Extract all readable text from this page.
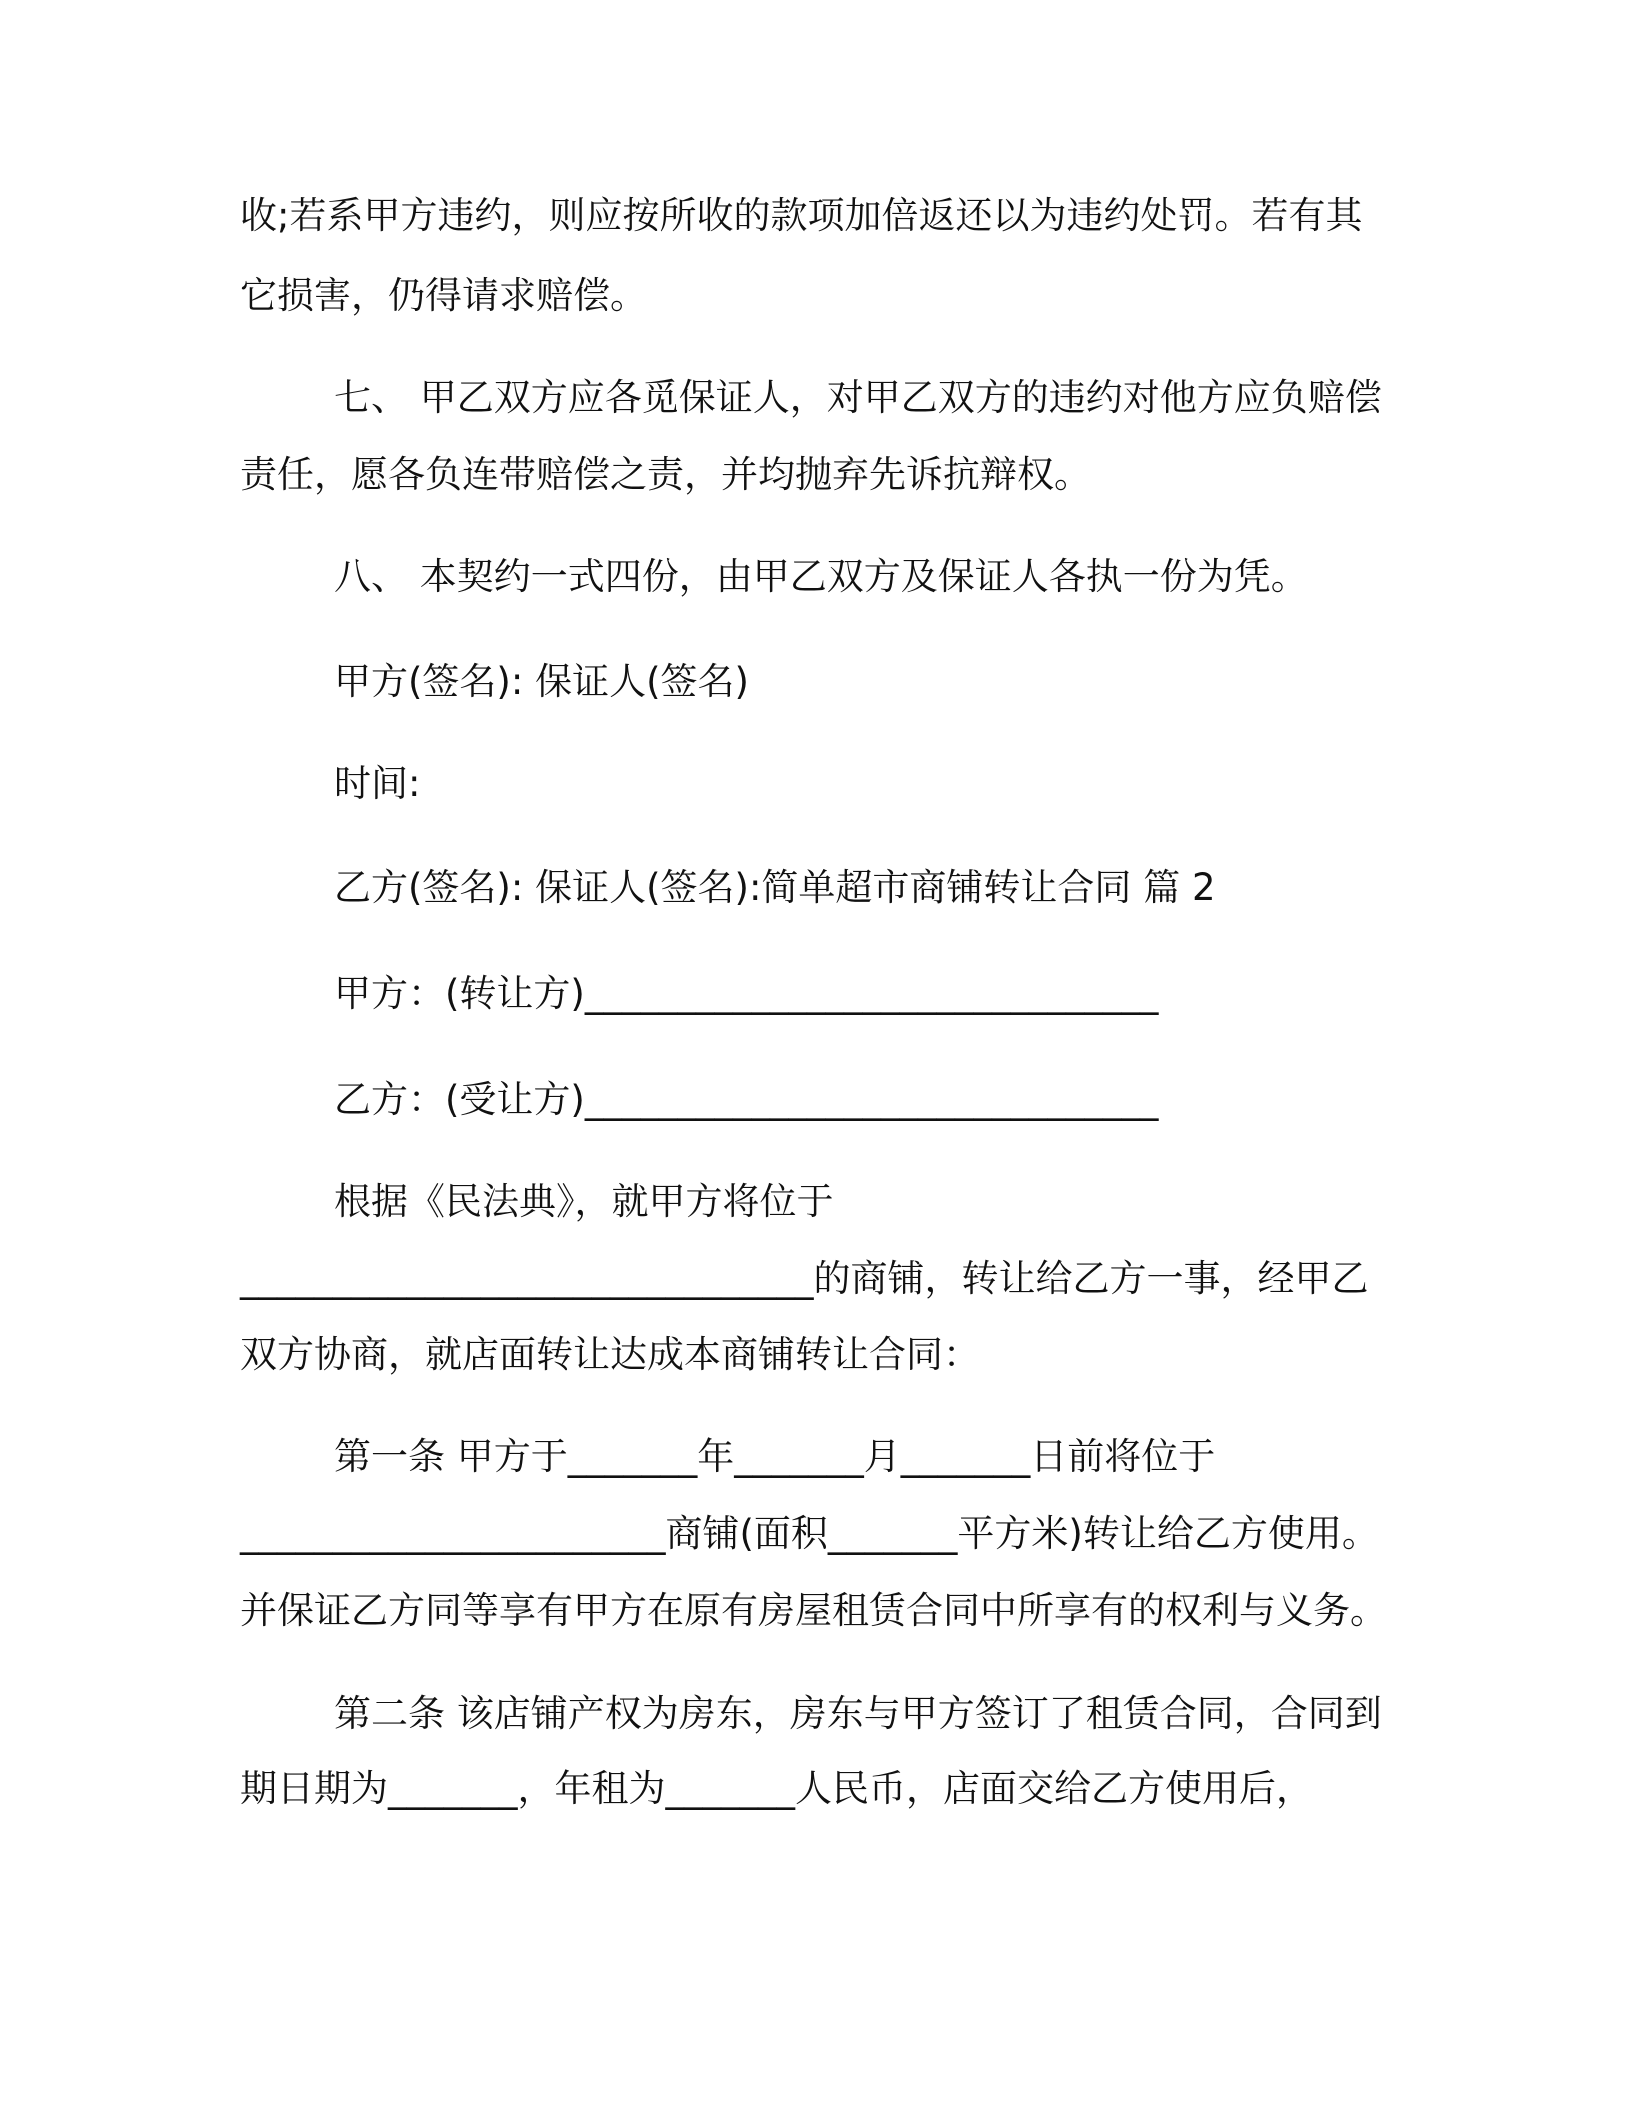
收;若系甲方违约，则应按所收的款项加倍返还以为违约处罚。若有其
它损害，仍得请求赔偿。
七、 甲乙双方应各觅保证人，对甲乙双方的违约对他方应负赔偿
责任，愿各负连带赔偿之责，并均抛弃先诉抗辩权。
八、 本契约一式四份，由甲乙双方及保证人各执一份为凭。
甲方(签名): 保证人(签名)
时间:
乙方(签名): 保证人(签名):简单超市商铺转让合同 篇 2
甲方：(转让方)_______________________________
乙方：(受让方)_______________________________
根据《民法典》，就甲方将位于
_______________________________的商铺，转让给乙方一事，经甲乙
双方协商，就店面转让达成本商铺转让合同：
第一条 甲方于_______年_______月_______日前将位于
_______________________商铺(面积_______平方米)转让给乙方使用。
并保证乙方同等享有甲方在原有房屋租赁合同中所享有的权利与义务。
第二条 该店铺产权为房东，房东与甲方签订了租赁合同，合同到
期日期为_______，年租为_______人民币，店面交给乙方使用后，
